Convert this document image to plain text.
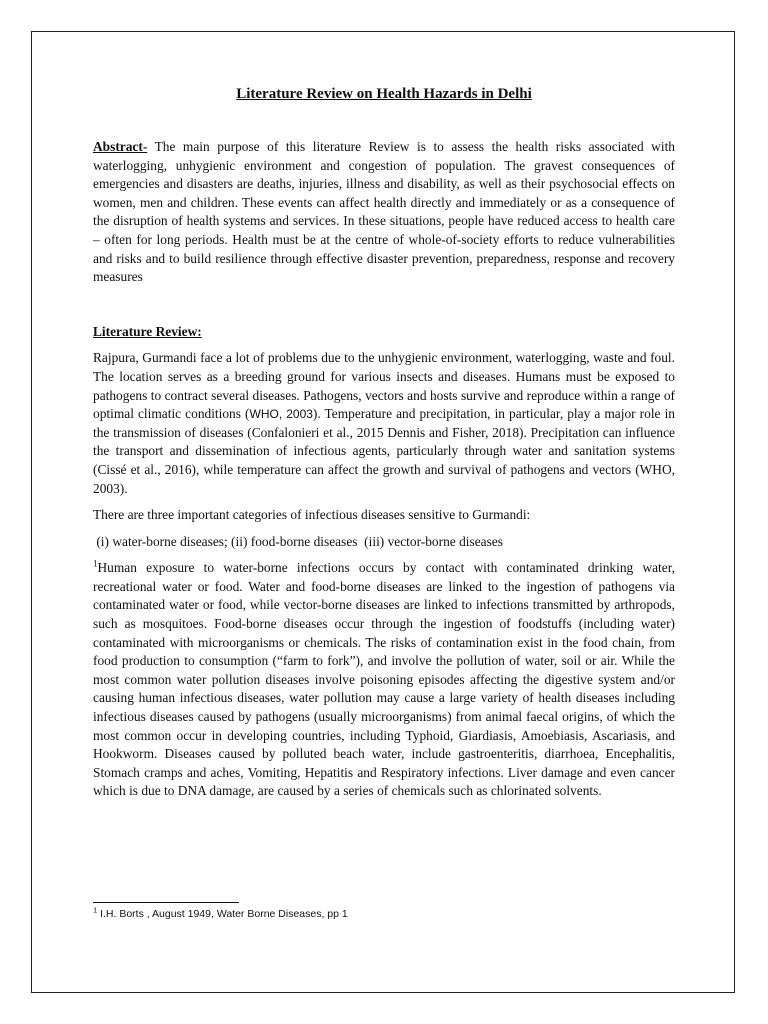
Literature Review on Health Hazards in Delhi

Abstract- The main purpose of this literature Review is to assess the health risks associated with waterlogging, unhygienic environment and congestion of population. The gravest consequences of emergencies and disasters are deaths, injuries, illness and disability, as well as their psychosocial effects on women, men and children. These events can affect health directly and immediately or as a consequence of the disruption of health systems and services. In these situations, people have reduced access to health care – often for long periods. Health must be at the centre of whole-of-society efforts to reduce vulnerabilities and risks and to build resilience through effective disaster prevention, preparedness, response and recovery measures

Literature Review:

Rajpura, Gurmandi face a lot of problems due to the unhygienic environment, waterlogging, waste and foul. The location serves as a breeding ground for various insects and diseases. Humans must be exposed to pathogens to contract several diseases. Pathogens, vectors and hosts survive and reproduce within a range of optimal climatic conditions (WHO, 2003). Temperature and precipitation, in particular, play a major role in the transmission of diseases (Confalonieri et al., 2015 Dennis and Fisher, 2018). Precipitation can influence the transport and dissemination of infectious agents, particularly through water and sanitation systems (Cissé et al., 2016), while temperature can affect the growth and survival of pathogens and vectors (WHO, 2003).

There are three important categories of infectious diseases sensitive to Gurmandi:

(i) water-borne diseases; (ii) food-borne diseases  (iii) vector-borne diseases

$^1$Human exposure to water-borne infections occurs by contact with contaminated drinking water, recreational water or food. Water and food-borne diseases are linked to the ingestion of pathogens via contaminated water or food, while vector-borne diseases are linked to infections transmitted by arthropods, such as mosquitoes. Food-borne diseases occur through the ingestion of foodstuffs (including water) contaminated with microorganisms or chemicals. The risks of contamination exist in the food chain, from food production to consumption (“farm to fork”), and involve the pollution of water, soil or air. While the most common water pollution diseases involve poisoning episodes affecting the digestive system and/or causing human infectious diseases, water pollution may cause a large variety of health diseases including infectious diseases caused by pathogens (usually microorganisms) from animal faecal origins, of which the most common occur in developing countries, including Typhoid, Giardiasis, Amoebiasis, Ascariasis, and Hookworm. Diseases caused by polluted beach water, include gastroenteritis, diarrhoea, Encephalitis, Stomach cramps and aches, Vomiting, Hepatitis and Respiratory infections. Liver damage and even cancer which is due to DNA damage, are caused by a series of chemicals such as chlorinated solvents.

$^1$ I.H. Borts , August 1949, Water Borne Diseases, pp 1
